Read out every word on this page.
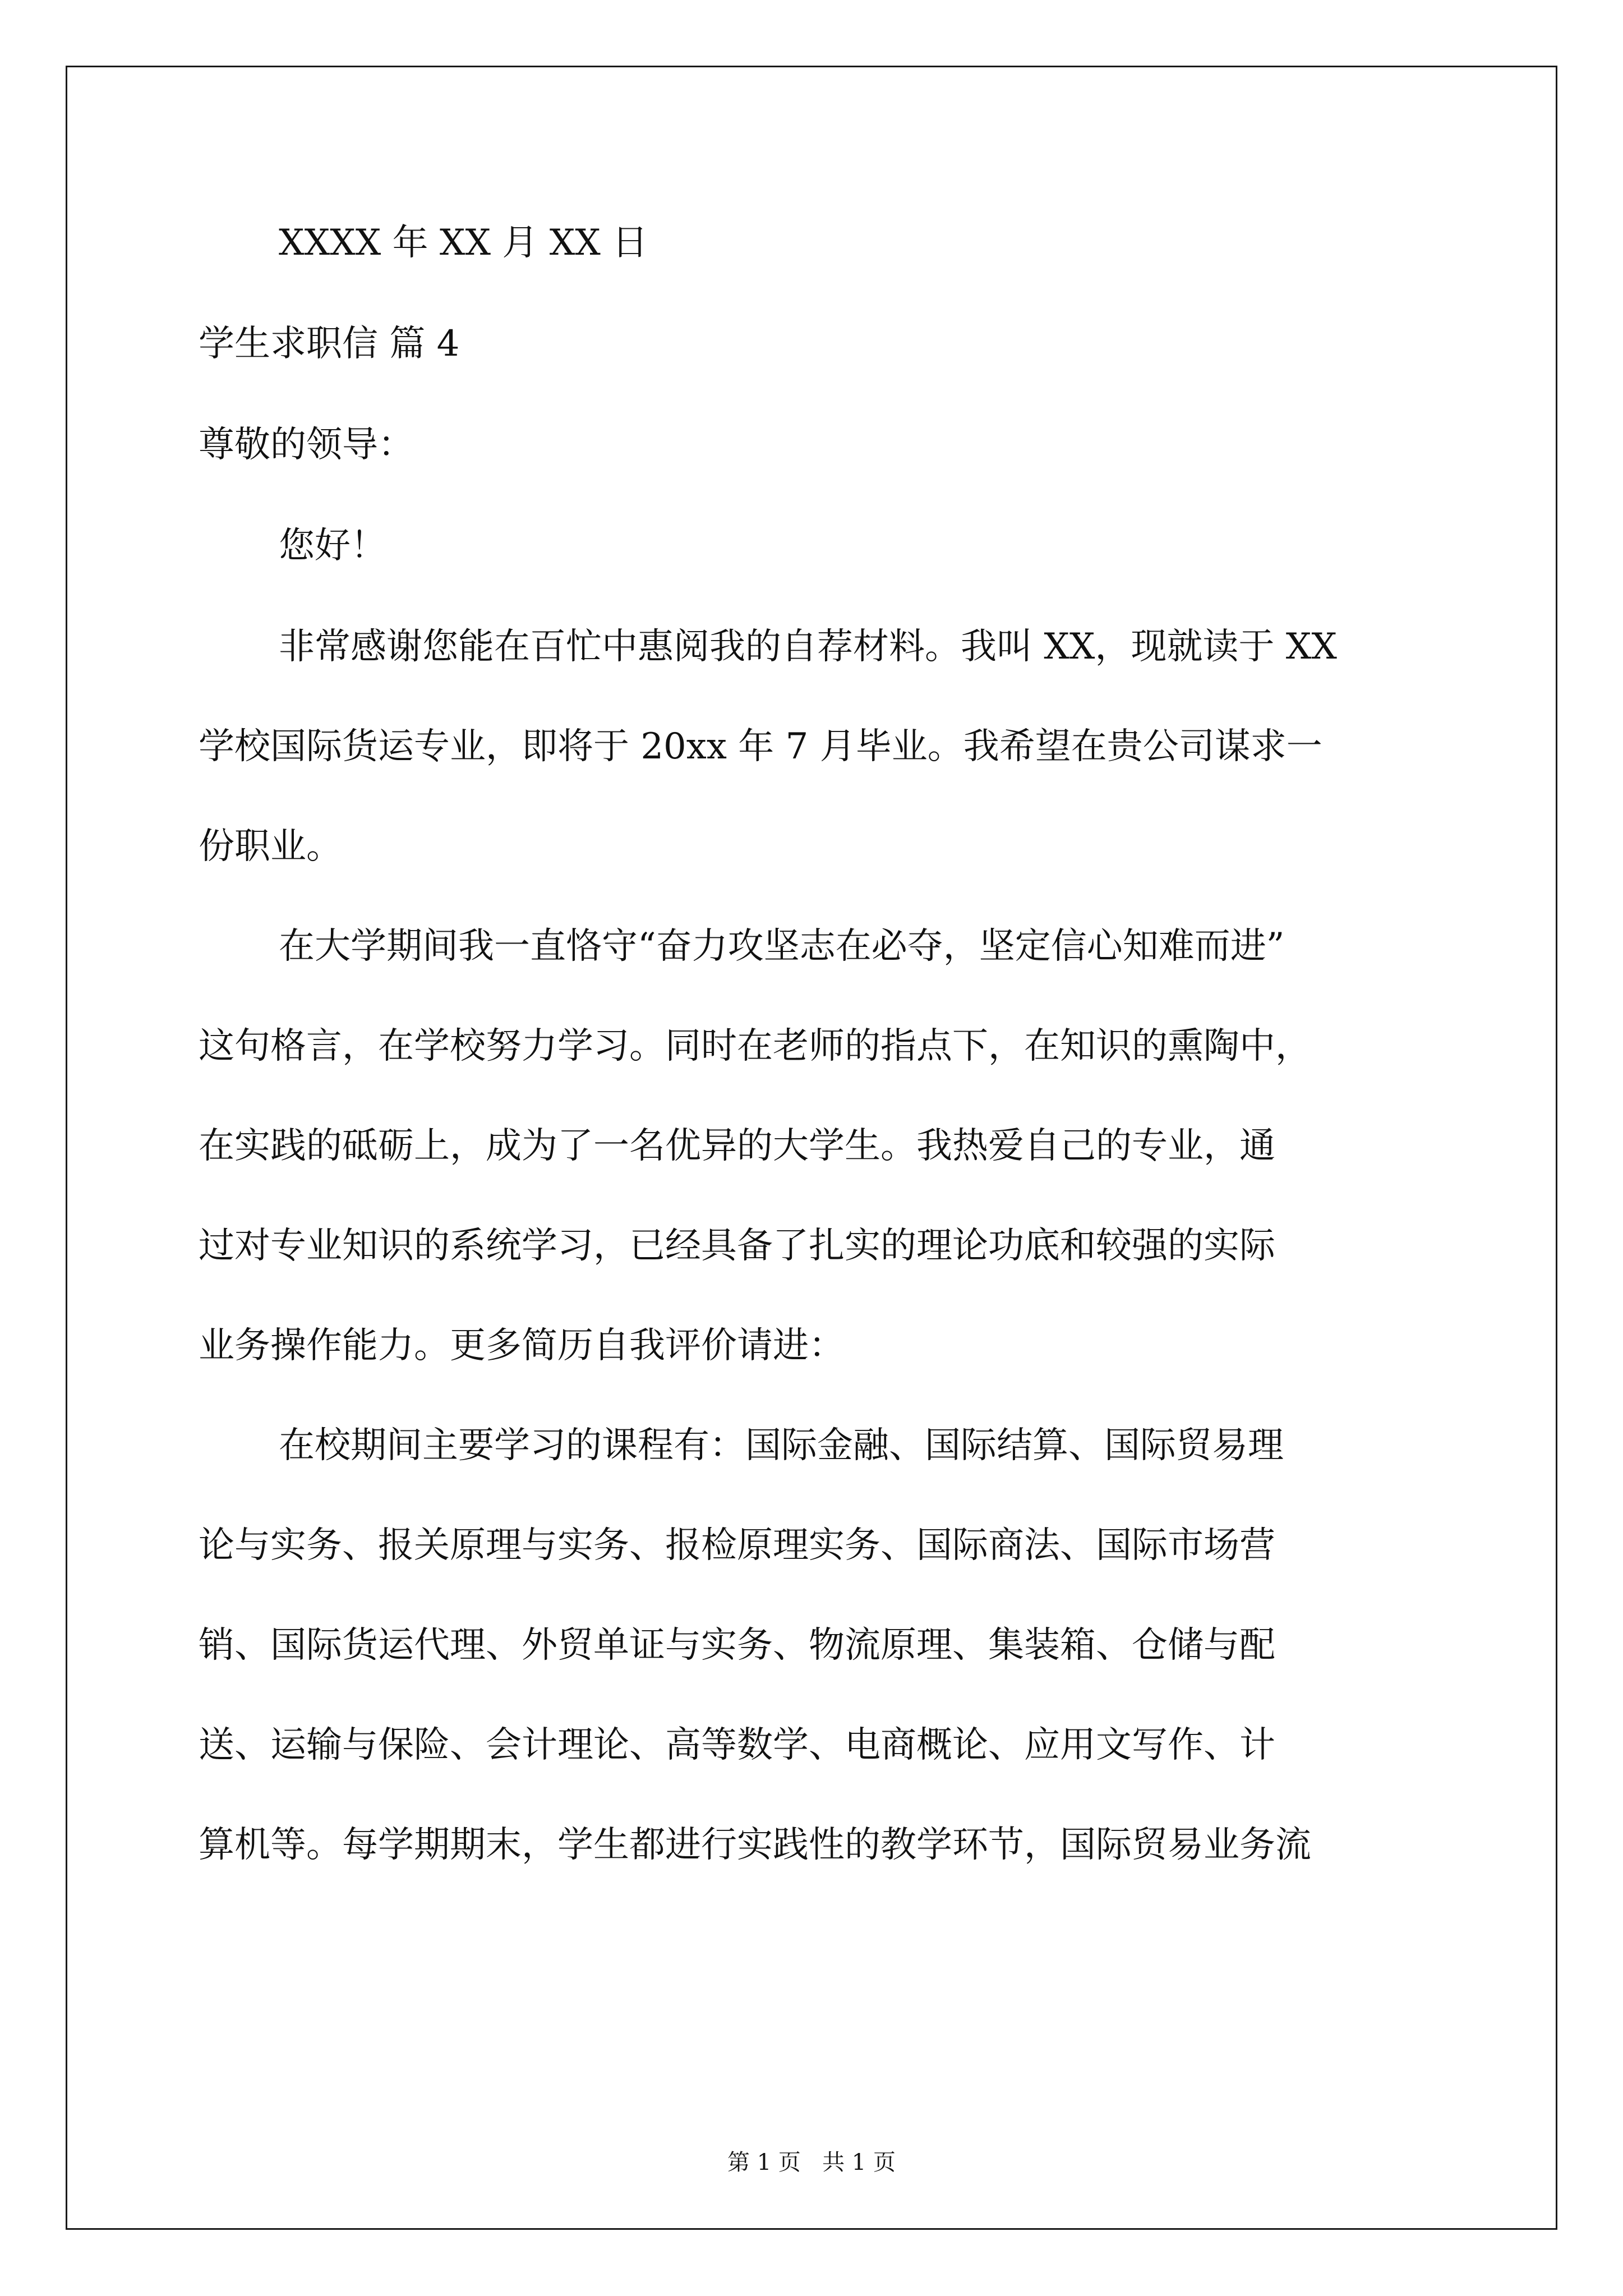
XXXX 年 XX 月 XX 日
学生求职信 篇 4
尊敬的领导：
您好！
非常感谢您能在百忙中惠阅我的自荐材料。我叫 XX，现就读于 XX
学校国际货运专业，即将于 20xx 年 7 月毕业。我希望在贵公司谋求一
份职业。
在大学期间我一直恪守“奋力攻坚志在必夺，坚定信心知难而进”
这句格言，在学校努力学习。同时在老师的指点下，在知识的熏陶中，
在实践的砥砺上，成为了一名优异的大学生。我热爱自己的专业，通
过对专业知识的系统学习，已经具备了扎实的理论功底和较强的实际
业务操作能力。更多简历自我评价请进：
在校期间主要学习的课程有：国际金融、国际结算、国际贸易理
论与实务、报关原理与实务、报检原理实务、国际商法、国际市场营
销、国际货运代理、外贸单证与实务、物流原理、集装箱、仓储与配
送、运输与保险、会计理论、高等数学、电商概论、应用文写作、计
算机等。每学期期末，学生都进行实践性的教学环节，国际贸易业务流
第 1 页   共 1 页
